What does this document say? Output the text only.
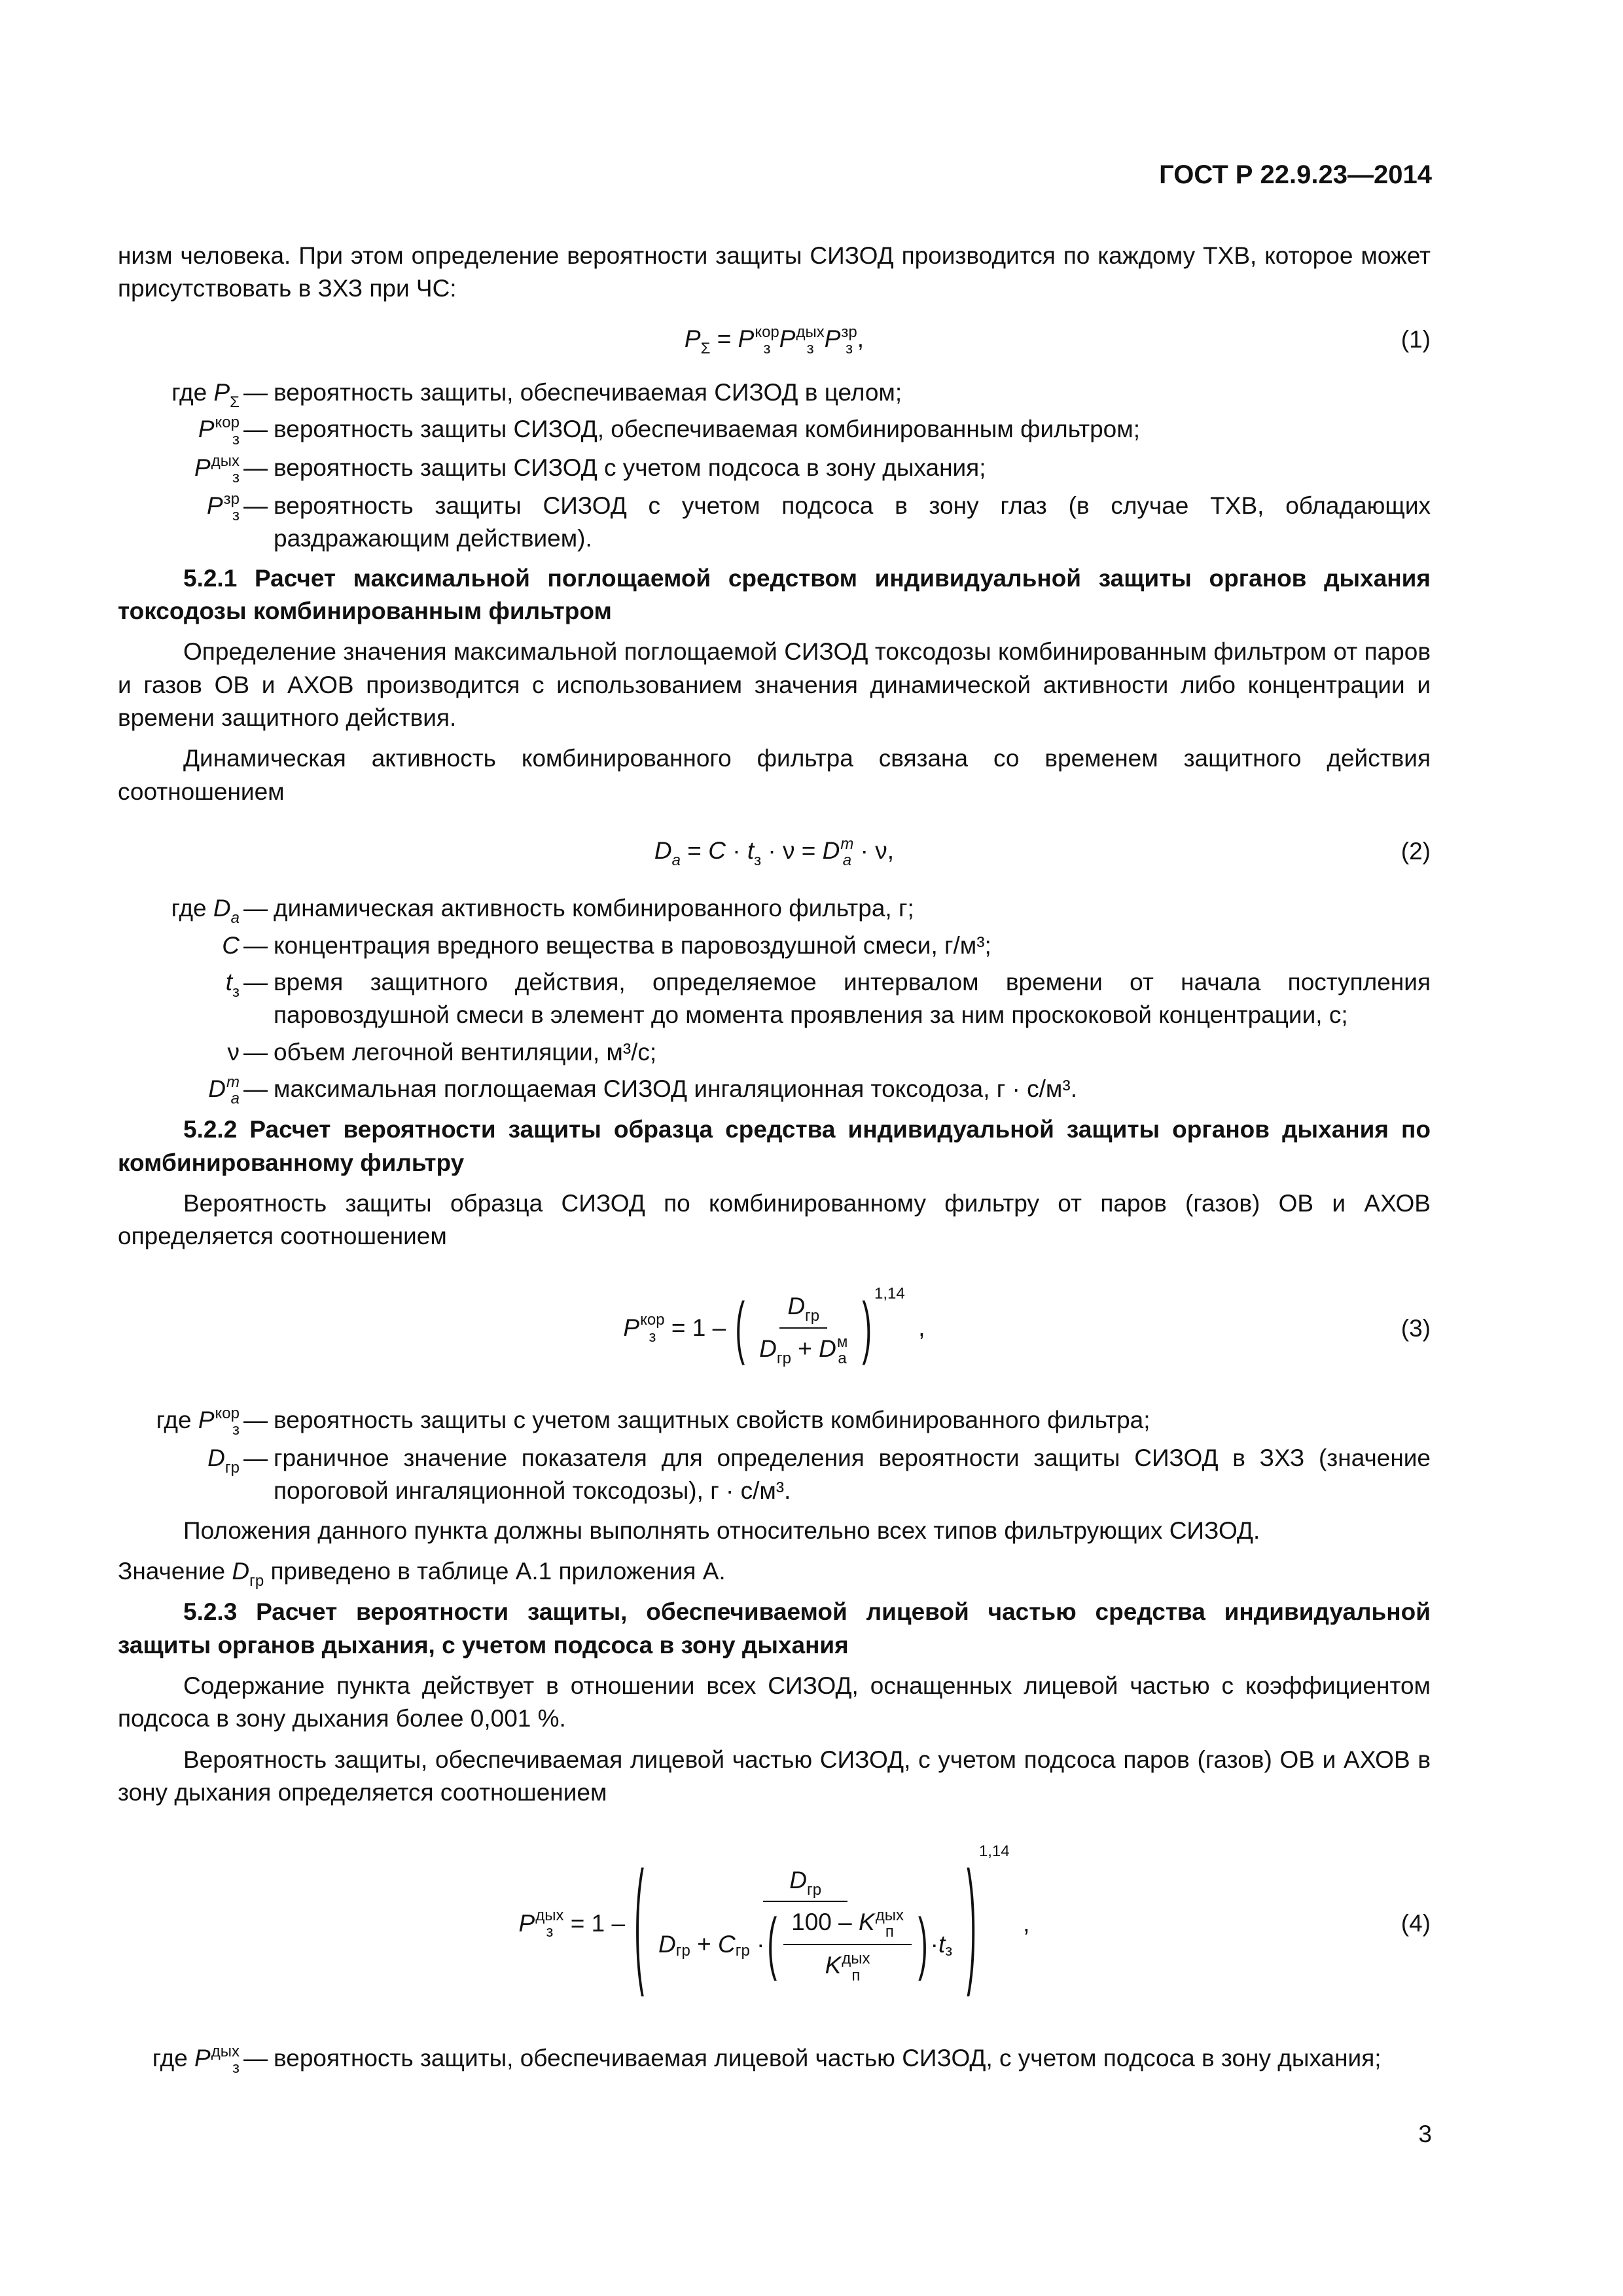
ГОСТ Р 22.9.23—2014

низм человека. При этом определение вероятности защиты СИЗОД производится по каждому ТХВ, которое может присутствовать в ЗХЗ при ЧС:

$P_\Sigma = P$ кор
з P дых
з P зр
з ,	(1)
где $P_\Sigma$ — вероятность защиты, обеспечиваемая СИЗОД в целом;
P кор
з — вероятность защиты СИЗОД, обеспечиваемая комбинированным фильтром;
P дых
з — вероятность защиты СИЗОД с учетом подсоса в зону дыхания;
P зр
з — вероятность защиты СИЗОД с учетом подсоса в зону глаз (в случае ТХВ, обладающих раздражающим действием).

5.2.1 Расчет максимальной поглощаемой средством индивидуальной защиты органов дыхания токсодозы комбинированным фильтром

Определение значения максимальной поглощаемой СИЗОД токсодозы комбинированным фильтром от паров и газов ОВ и АХОВ производится с использованием значения динамической активности либо концентрации и времени защитного действия.

Динамическая активность комбинированного фильтра связана со временем защитного действия соотношением

$D_a = C \cdot t_з \cdot \nu = D$ m
a · ν,	(2)
где $D_a$ — динамическая активность комбинированного фильтра, г;
C — концентрация вредного вещества в паровоздушной смеси, г/м³;
$t_з$ — время защитного действия, определяемое интервалом времени от начала поступления паровоздушной смеси в элемент до момента проявления за ним проскоковой концентрации, с;
ν — объем легочной вентиляции, м³/с;
D m
a — максимальная поглощаемая СИЗОД ингаляционная токсодоза, г · с/м³.

5.2.2 Расчет вероятности защиты образца средства индивидуальной защиты органов дыхания по комбинированному фильтру

Вероятность защиты образца СИЗОД по комбинированному фильтру от паров (газов) ОВ и АХОВ определяется соотношением

P кор
з = 1 – ( $D_{гр}$
$D_{гр} + D$ м
а ) 1,14
,	(3)
где P кор
з — вероятность защиты с учетом защитных свойств комбинированного фильтра;
$D_{гр}$ — граничное значение показателя для определения вероятности защиты СИЗОД в ЗХЗ (значение пороговой ингаляционной токсодозы), г · с/м³.

Положения данного пункта должны выполнять относительно всех типов фильтрующих СИЗОД.

Значение $D_{гр}$ приведено в таблице А.1 приложения А.

5.2.3 Расчет вероятности защиты, обеспечиваемой лицевой частью средства индивидуальной защиты органов дыхания, с учетом подсоса в зону дыхания

Содержание пункта действует в отношении всех СИЗОД, оснащенных лицевой частью с коэффициентом подсоса в зону дыхания более 0,001 %.

Вероятность защиты, обеспечиваемая лицевой частью СИЗОД, с учетом подсоса паров (газов) ОВ и АХОВ в зону дыхания определяется соотношением

P дых
з = 1 – (	$D_{гр}$
D гр + C гр · ( 100 – K дых
п
K дых
п ) · t з ) 1,14
,	(4)
где P дых
з — вероятность защиты, обеспечиваемая лицевой частью СИЗОД, с учетом подсоса в зону дыхания;
3
